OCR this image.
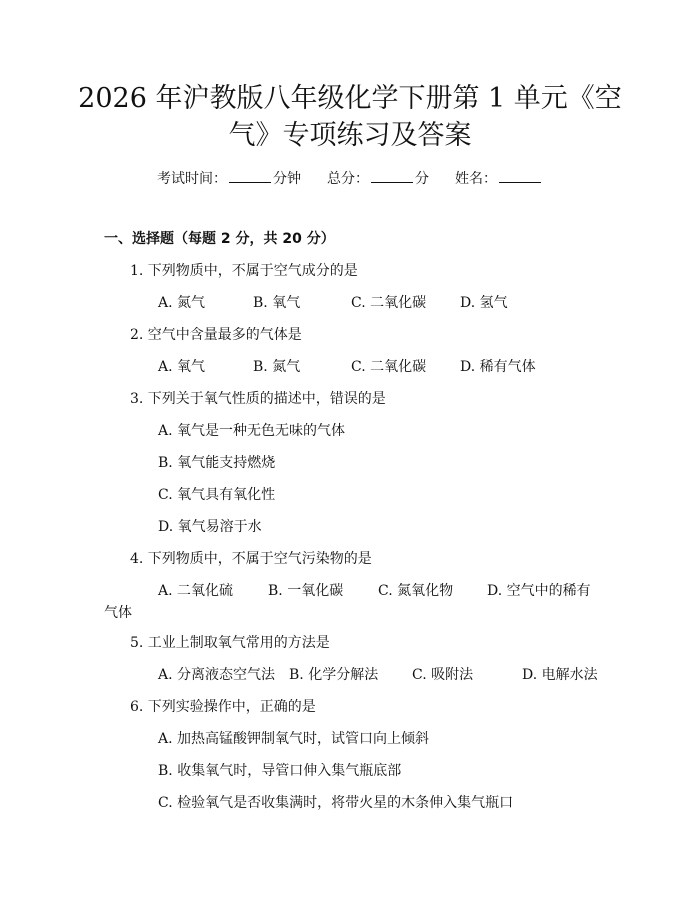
2026 年沪教版八年级化学下册第 1 单元《空
气》专项练习及答案
考试时间：	分钟 总分：	分 姓名：
一、选择题（每题 2 分，共 20 分）
1. 下列物质中，不属于空气成分的是
A. 氮气	B. 氧气	C. 二氧化碳 D. 氢气
2. 空气中含量最多的气体是
A. 氧气	B. 氮气	C. 二氧化碳 D. 稀有气体
3. 下列关于氧气性质的描述中，错误的是
A. 氧气是一种无色无味的气体
B. 氧气能支持燃烧
C. 氧气具有氧化性
D. 氧气易溶于水
4. 下列物质中，不属于空气污染物的是
A. 二氧化硫 B. 一氧化碳 C. 氮氧化物 D. 空气中的稀有
气体
5. 工业上制取氧气常用的方法是
A. 分离液态空气法 B. 化学分解法 C. 吸附法	D. 电解水法
6. 下列实验操作中，正确的是
A. 加热高锰酸钾制氧气时，试管口向上倾斜
B. 收集氧气时，导管口伸入集气瓶底部
C. 检验氧气是否收集满时，将带火星的木条伸入集气瓶口
